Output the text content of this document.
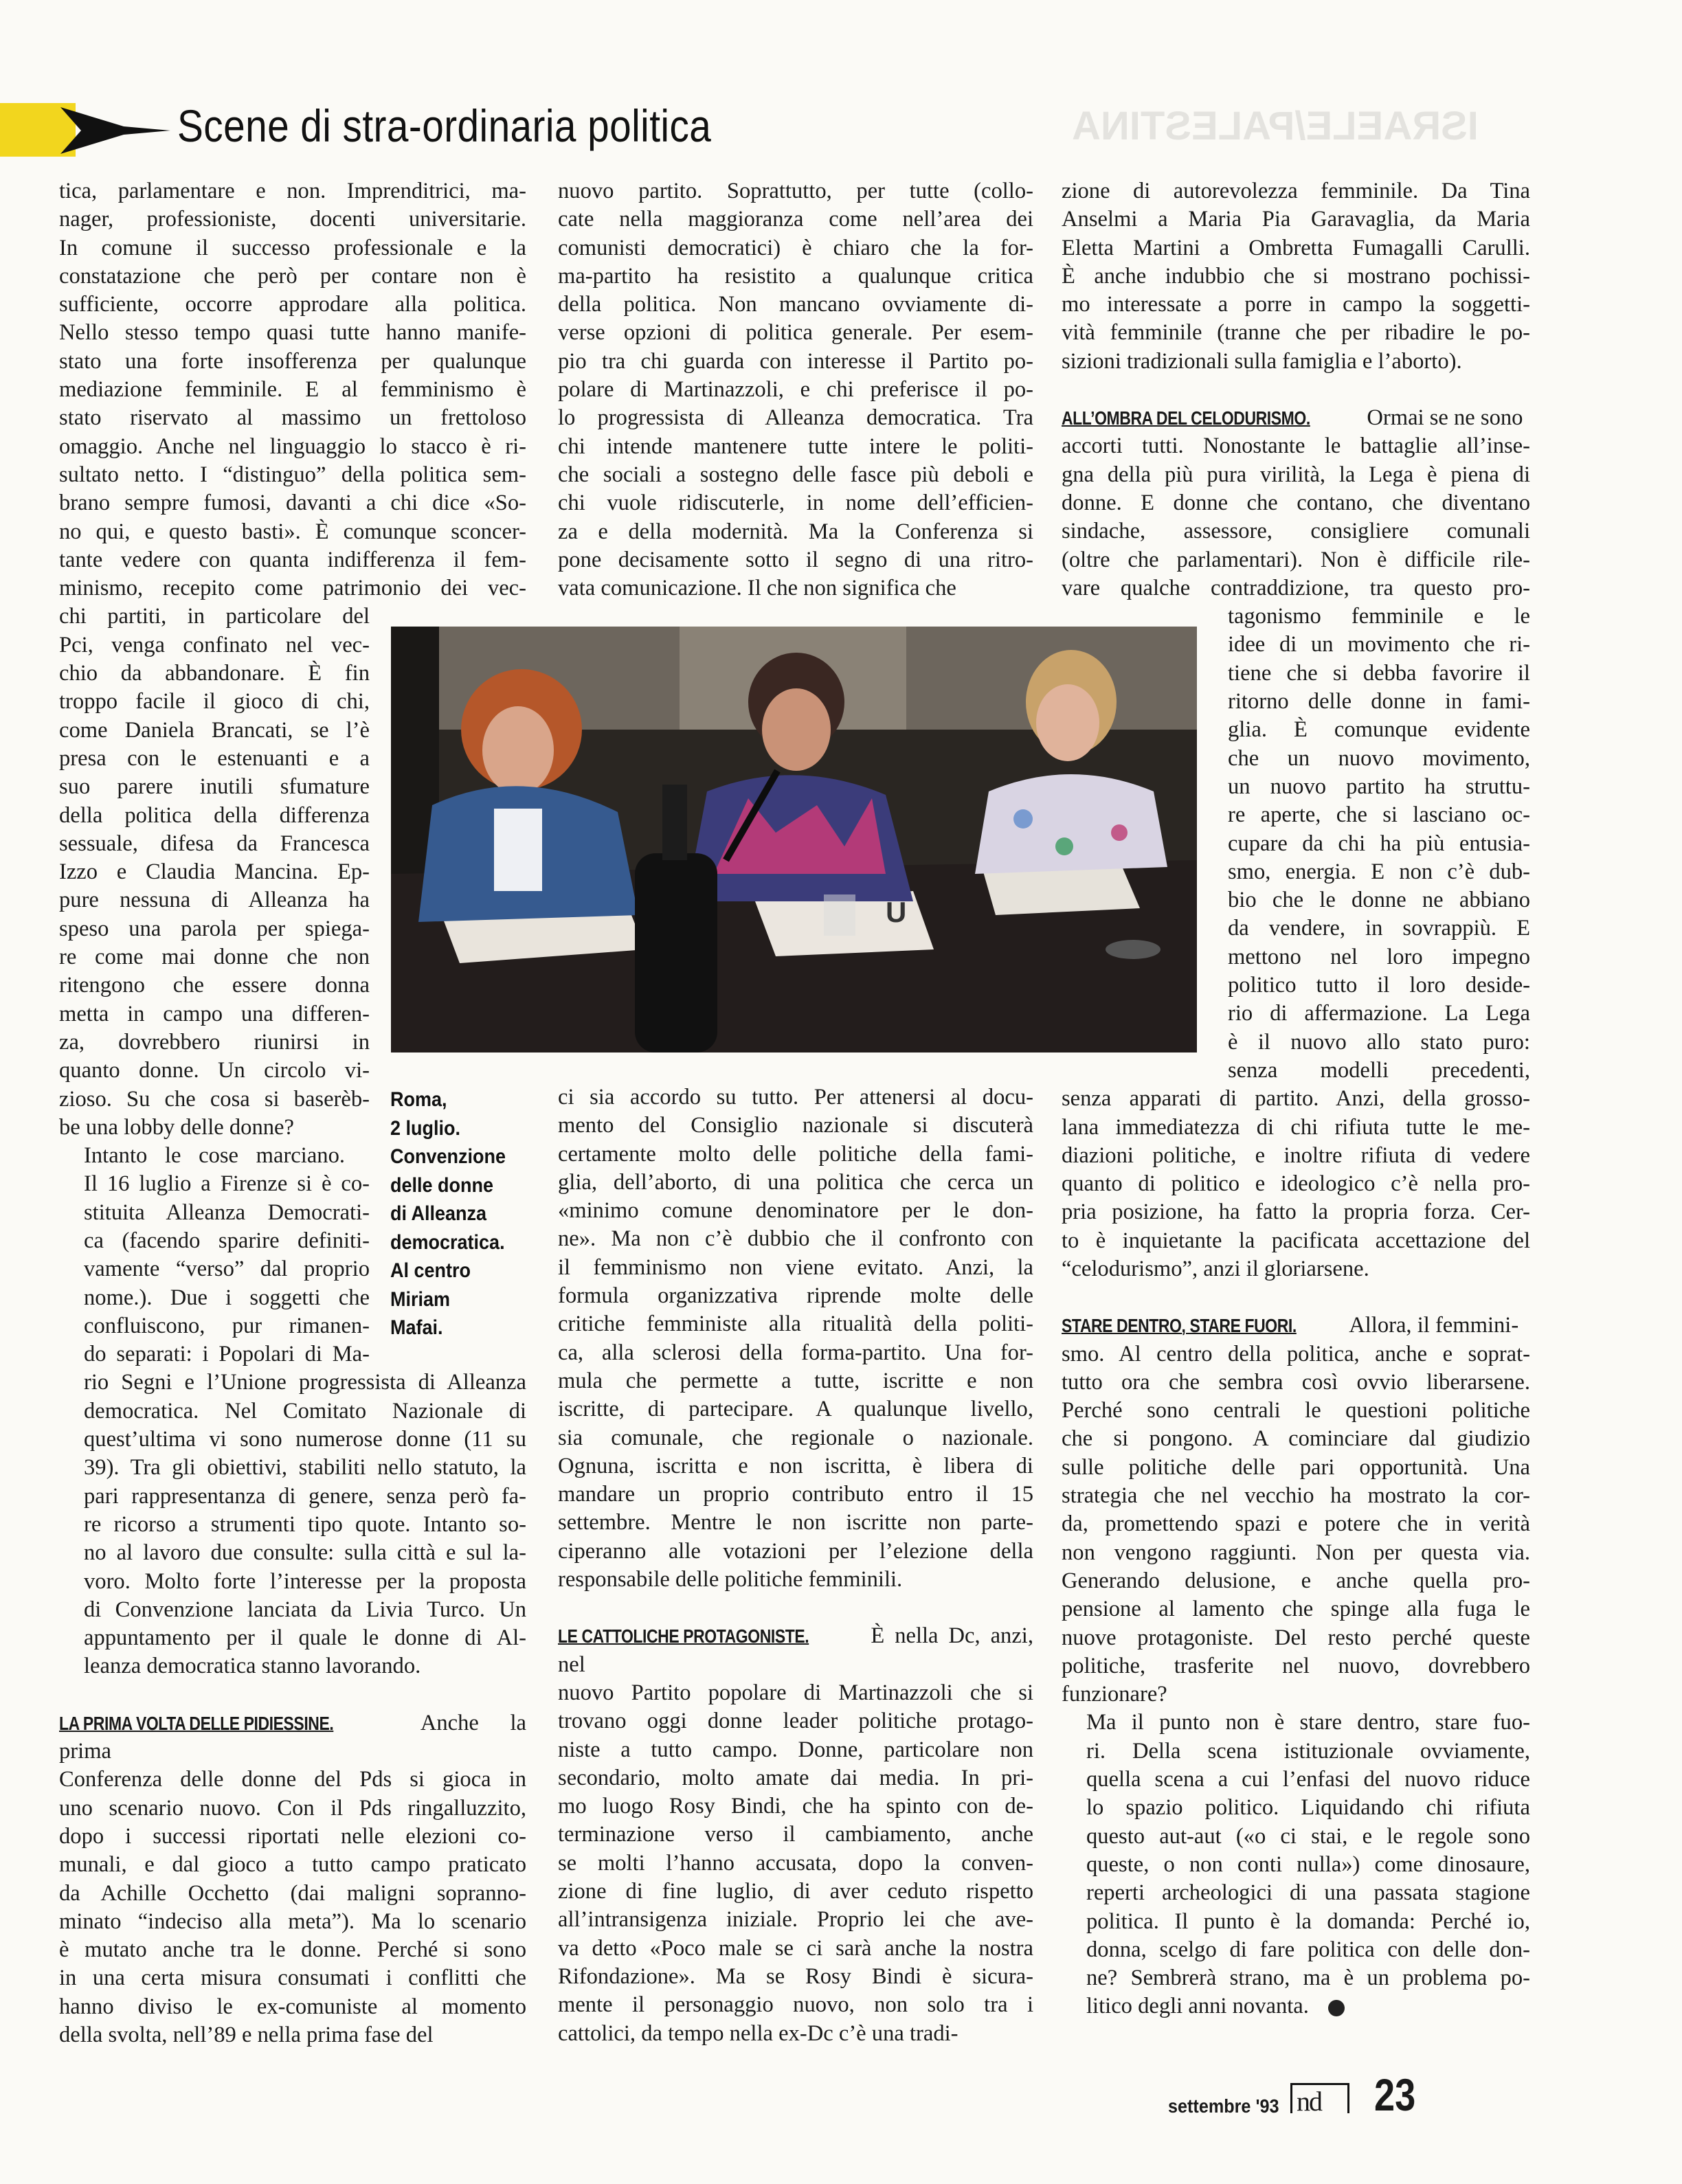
Scene di stra-ordinaria politica	ISRAELE/PALESTINA

tica, parlamentare e non. Imprenditrici, ma-
nager, professioniste, docenti universitarie.
In comune il successo professionale e la
constatazione che però per contare non è
sufficiente, occorre approdare alla politica.
Nello stesso tempo quasi tutte hanno manife-
stato una forte insofferenza per qualunque
mediazione femminile. E al femminismo è
stato riservato al massimo un frettoloso
omaggio. Anche nel linguaggio lo stacco è ri-
sultato netto. I “distinguo” della politica sem-
brano sempre fumosi, davanti a chi dice «So-
no qui, e questo basti». È comunque sconcer-
tante vedere con quanta indifferenza il fem-
minismo, recepito come patrimonio dei vec-
chi partiti, in particolare del
Pci, venga confinato nel vec-
chio da abbandonare. È fin
troppo facile il gioco di chi,
come Daniela Brancati, se l’è
presa con le estenuanti e a
suo parere inutili sfumature
della politica della differenza
sessuale, difesa da Francesca
Izzo e Claudia Mancina. Ep-
pure nessuna di Alleanza ha
speso una parola per spiega-
re come mai donne che non
ritengono che essere donna
metta in campo una differen-
za, dovrebbero riunirsi in
quanto donne. Un circolo vi-
zioso. Su che cosa si baserèb-
be una lobby delle donne?

Intanto le cose marciano.
Il 16 luglio a Firenze si è co-
stituita Alleanza Democrati-
ca (facendo sparire definiti-
vamente “verso” dal proprio
nome.). Due i soggetti che
confluiscono, pur rimanen-
do separati: i Popolari di Ma-
rio Segni e l’Unione progressista di Alleanza
democratica. Nel Comitato Nazionale di
quest’ultima vi sono numerose donne (11 su
39). Tra gli obiettivi, stabiliti nello statuto, la
pari rappresentanza di genere, senza però fa-
re ricorso a strumenti tipo quote. Intanto so-
no al lavoro due consulte: sulla città e sul la-
voro. Molto forte l’interesse per la proposta
di Convenzione lanciata da Livia Turco. Un
appuntamento per il quale le donne di Al-
leanza democratica stanno lavorando.

LA PRIMA VOLTA DELLE PIDIESSINE.	Anche la prima
Conferenza delle donne del Pds si gioca in
uno scenario nuovo. Con il Pds ringalluzzito,
dopo i successi riportati nelle elezioni co-
munali, e dal gioco a tutto campo praticato
da Achille Occhetto (dai maligni sopranno-
minato “indeciso alla meta”). Ma lo scenario
è mutato anche tra le donne. Perché si sono
in una certa misura consumati i conflitti che
hanno diviso le ex-comuniste al momento
della svolta, nell’89 e nella prima fase del

nuovo partito. Soprattutto, per tutte (collo-
cate nella maggioranza come nell’area dei
comunisti democratici) è chiaro che la for-
ma-partito ha resistito a qualunque critica
della politica. Non mancano ovviamente di-
verse opzioni di politica generale. Per esem-
pio tra chi guarda con interesse il Partito po-
polare di Martinazzoli, e chi preferisce il po-
lo progressista di Alleanza democratica. Tra
chi intende mantenere tutte intere le politi-
che sociali a sostegno delle fasce più deboli e
chi vuole ridiscuterle, in nome dell’efficien-
za e della modernità. Ma la Conferenza si
pone decisamente sotto il segno di una ritro-
vata comunicazione. Il che non significa che
U
Roma,
2 luglio.
Convenzione
delle donne
di Alleanza
democratica.
Al centro
Miriam
Mafai.
ci sia accordo su tutto. Per attenersi al docu-
mento del Consiglio nazionale si discuterà
certamente molto delle politiche della fami-
glia, dell’aborto, di una politica che cerca un
«minimo comune denominatore per le don-
ne». Ma non c’è dubbio che il confronto con
il femminismo non viene evitato. Anzi, la
formula organizzativa riprende molte delle
critiche femministe alla ritualità della politi-
ca, alla sclerosi della forma-partito. Una for-
mula che permette a tutte, iscritte e non
iscritte, di partecipare. A qualunque livello,
sia comunale, che regionale o nazionale.
Ognuna, iscritta e non iscritta, è libera di
mandare un proprio contributo entro il 15
settembre. Mentre le non iscritte non parte-
ciperanno alle votazioni per l’elezione della
responsabile delle politiche femminili.

LE CATTOLICHE PROTAGONISTE.	È nella Dc, anzi, nel
nuovo Partito popolare di Martinazzoli che si
trovano oggi donne leader politiche protago-
niste a tutto campo. Donne, particolare non
secondario, molto amate dai media. In pri-
mo luogo Rosy Bindi, che ha spinto con de-
terminazione verso il cambiamento, anche
se molti l’hanno accusata, dopo la conven-
zione di fine luglio, di aver ceduto rispetto
all’intransigenza iniziale. Proprio lei che ave-
va detto «Poco male se ci sarà anche la nostra
Rifondazione». Ma se Rosy Bindi è sicura-
mente il personaggio nuovo, non solo tra i
cattolici, da tempo nella ex-Dc c’è una tradi-

zione di autorevolezza femminile. Da Tina
Anselmi a Maria Pia Garavaglia, da Maria
Eletta Martini a Ombretta Fumagalli Carulli.
È anche indubbio che si mostrano pochissi-
mo interessate a porre in campo la soggetti-
vità femminile (tranne che per ribadire le po-
sizioni tradizionali sulla famiglia e l’aborto).

ALL’OMBRA DEL CELODURISMO.	Ormai se ne sono
accorti tutti. Nonostante le battaglie all’inse-
gna della più pura virilità, la Lega è piena di
donne. E donne che contano, che diventano
sindache, assessore, consigliere comunali
(oltre che parlamentari). Non è difficile rile-
vare qualche contraddizione, tra questo pro-
tagonismo femminile e le
idee di un movimento che ri-
tiene che si debba favorire il
ritorno delle donne in fami-
glia. È comunque evidente
che un nuovo movimento,
un nuovo partito ha struttu-
re aperte, che si lasciano oc-
cupare da chi ha più entusia-
smo, energia. E non c’è dub-
bio che le donne ne abbiano
da vendere, in sovrappiù. E
mettono nel loro impegno
politico tutto il loro deside-
rio di affermazione. La Lega
è il nuovo allo stato puro:
senza modelli precedenti,
senza apparati di partito. Anzi, della grosso-
lana immediatezza di chi rifiuta tutte le me-
diazioni politiche, e inoltre rifiuta di vedere
quanto di politico e ideologico c’è nella pro-
pria posizione, ha fatto la propria forza. Cer-
to è inquietante la pacificata accettazione del
“celodurismo”, anzi il gloriarsene.

STARE DENTRO, STARE FUORI. Allora, il femmini-
smo. Al centro della politica, anche e soprat-
tutto ora che sembra così ovvio liberarsene.
Perché sono centrali le questioni politiche
che si pongono. A cominciare dal giudizio
sulle politiche delle pari opportunità. Una
strategia che nel vecchio ha mostrato la cor-
da, promettendo spazi e potere che in verità
non vengono raggiunti. Non per questa via.
Generando delusione, e anche quella pro-
pensione al lamento che spinge alla fuga le
nuove protagoniste. Del resto perché queste
politiche, trasferite nel nuovo, dovrebbero
funzionare?

Ma il punto non è stare dentro, stare fuo-
ri. Della scena istituzionale ovviamente,
quella scena a cui l’enfasi del nuovo riduce
lo spazio politico. Liquidando chi rifiuta
questo aut-aut («o ci stai, e le regole sono
queste, o non conti nulla») come dinosaure,
reperti archeologici di una passata stagione
politica. Il punto è la domanda: Perché io,
donna, scelgo di fare politica con delle don-
ne? Sembrerà strano, ma è un problema po-
litico degli anni novanta.

settembre '93 nd 23
